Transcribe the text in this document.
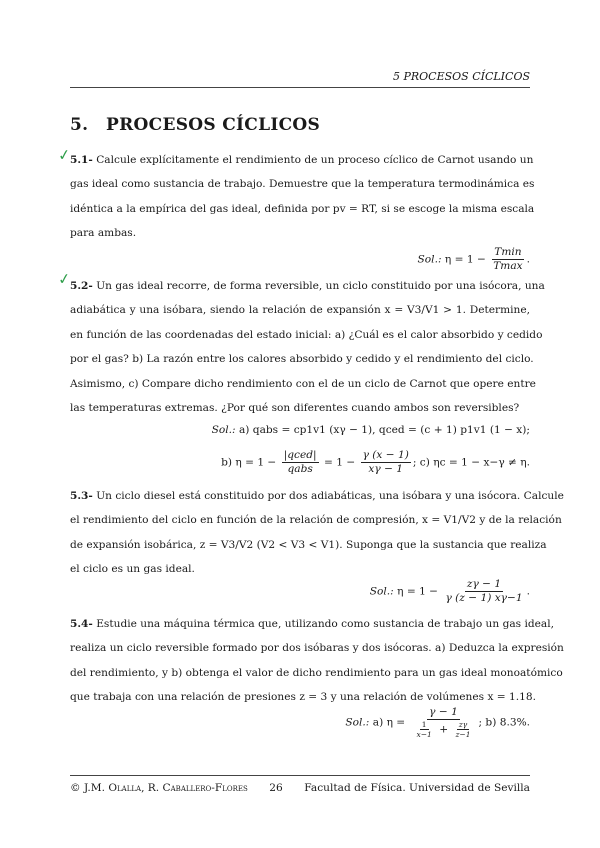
5 PROCESOS CÍCLICOS
5. PROCESOS CÍCLICOS
✓
5.1- Calcule explícitamente el rendimiento de un proceso cíclico de Carnot usando un
gas ideal como sustancia de trabajo. Demuestre que la temperatura termodinámica es
idéntica a la empírica del gas ideal, definida por pv = RT, si se escoge la misma escala
para ambas.
Sol.: $\eta = 1 - \frac{Tmin}{Tmax}$ .
✓
5.2- Un gas ideal recorre, de forma reversible, un ciclo constituido por una isócora, una
adiabática y una isóbara, siendo la relación de expansión x = V3/V1 > 1. Determine,
en función de las coordenadas del estado inicial: a) ¿Cuál es el calor absorbido y cedido
por el gas? b) La razón entre los calores absorbido y cedido y el rendimiento del ciclo.
Asimismo, c) Compare dicho rendimiento con el de un ciclo de Carnot que opere entre
las temperaturas extremas. ¿Por qué son diferentes cuando ambos son reversibles?
Sol.: a) qabs = cp1v1 (xγ − 1), qced = (c + 1) p1v1 (1 − x);
b) $\eta = 1 - \frac{\text{|qced|}}{\text{qabs}} = 1 - \frac{\gamma (x - 1)}{x\gamma - 1}$ ; c) ηc = 1 − x−γ ≠ η.
5.3- Un ciclo diesel está constituido por dos adiabáticas, una isóbara y una isócora. Calcule
el rendimiento del ciclo en función de la relación de compresión, x = V1/V2 y de la relación
de expansión isobárica, z = V3/V2 (V2 < V3 < V1). Suponga que la sustancia que realiza
el ciclo es un gas ideal.
Sol.: $\eta = 1 - \frac{z\gamma - 1}{\gamma (z - 1) x\gamma-1}$ .
5.4- Estudie una máquina térmica que, utilizando como sustancia de trabajo un gas ideal,
realiza un ciclo reversible formado por dos isóbaras y dos isócoras. a) Deduzca la expresión
del rendimiento, y b) obtenga el valor de dicho rendimiento para un gas ideal monoatómico
que trabaja con una relación de presiones z = 3 y una relación de volúmenes x = 1.18.
Sol.: a) $\eta = \frac{\gamma - 1}{\frac{1}{x-1} + \frac{z\gamma}{z-1}}$ ; b) 8.3%.
© J.M. Olalla, R. Caballero-Flores 26 Facultad de Física. Universidad de Sevilla
